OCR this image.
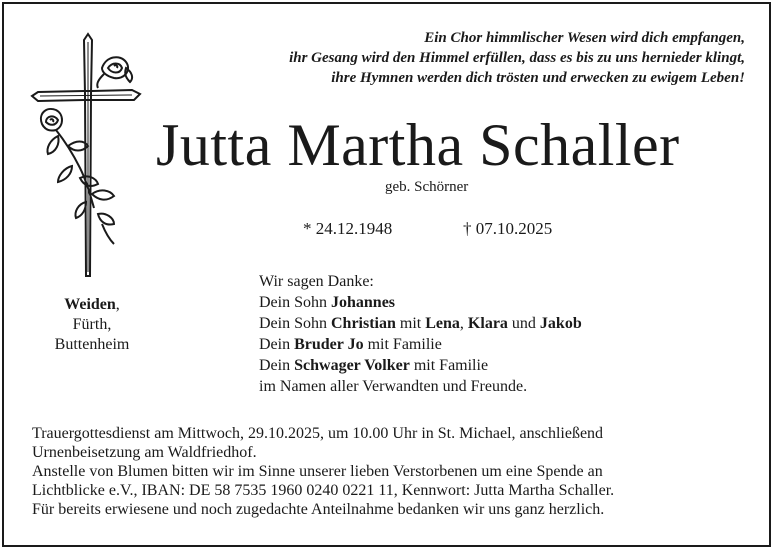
Ein Chor himmlischer Wesen wird dich empfangen,
ihr Gesang wird den Himmel erfüllen, dass es bis zu uns hernieder klingt,
ihre Hymnen werden dich trösten und erwecken zu ewigem Leben!
Jutta Martha Schaller
geb. Schörner
* 24.12.1948	† 07.10.2025
Weiden,
Fürth,
Buttenheim
Wir sagen Danke:
Dein Sohn Johannes
Dein Sohn Christian mit Lena, Klara und Jakob
Dein Bruder Jo mit Familie
Dein Schwager Volker mit Familie
im Namen aller Verwandten und Freunde.
Trauergottesdienst am Mittwoch, 29.10.2025, um 10.00 Uhr in St. Michael, anschließend
Urnenbeisetzung am Waldfriedhof.
Anstelle von Blumen bitten wir im Sinne unserer lieben Verstorbenen um eine Spende an
Lichtblicke e.V., IBAN: DE 58 7535 1960 0240 0221 11, Kennwort: Jutta Martha Schaller.
Für bereits erwiesene und noch zugedachte Anteilnahme bedanken wir uns ganz herzlich.
